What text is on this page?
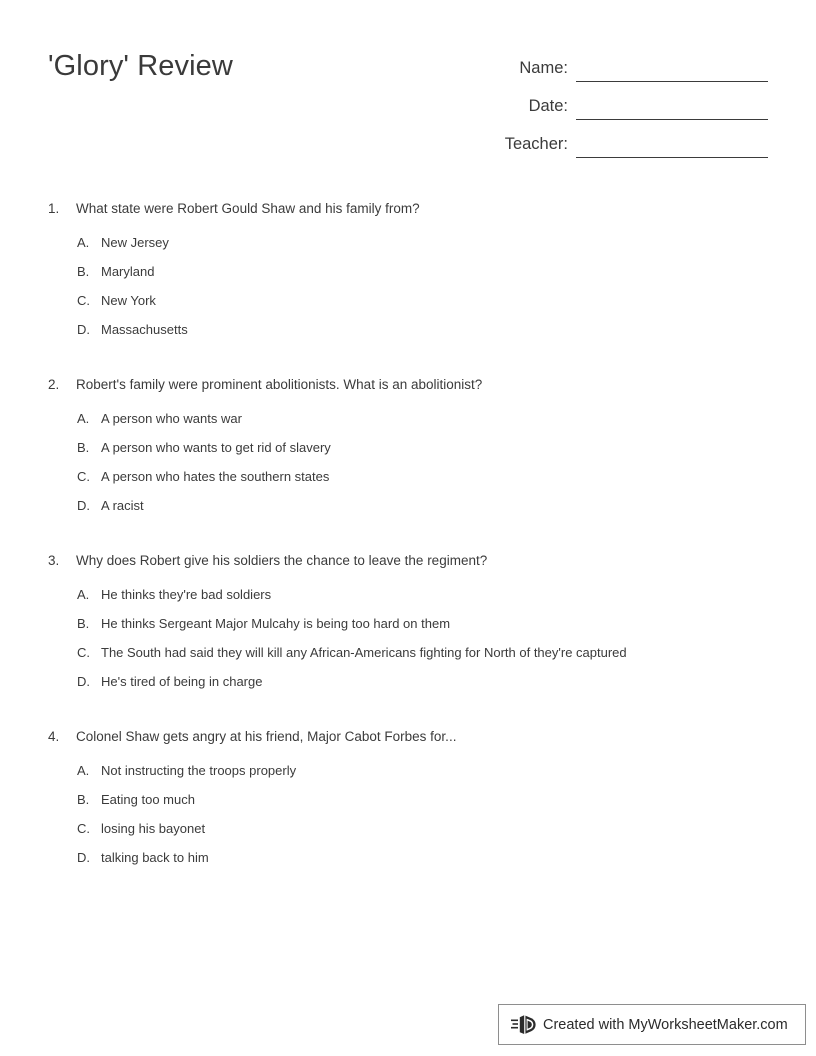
'Glory' Review	Name:
Date:
Teacher:
1.	What state were Robert Gould Shaw and his family from?
A. New Jersey
B. Maryland
C. New York
D. Massachusetts
2.	Robert's family were prominent abolitionists. What is an abolitionist?
A. A person who wants war
B. A person who wants to get rid of slavery
C. A person who hates the southern states
D. A racist
3.	Why does Robert give his soldiers the chance to leave the regiment?
A. He thinks they're bad soldiers
B. He thinks Sergeant Major Mulcahy is being too hard on them
C. The South had said they will kill any African-Americans fighting for North of they're captured
D. He's tired of being in charge
4.	Colonel Shaw gets angry at his friend, Major Cabot Forbes for...
A. Not instructing the troops properly
B. Eating too much
C. losing his bayonet
D. talking back to him
Created with MyWorksheetMaker.com
